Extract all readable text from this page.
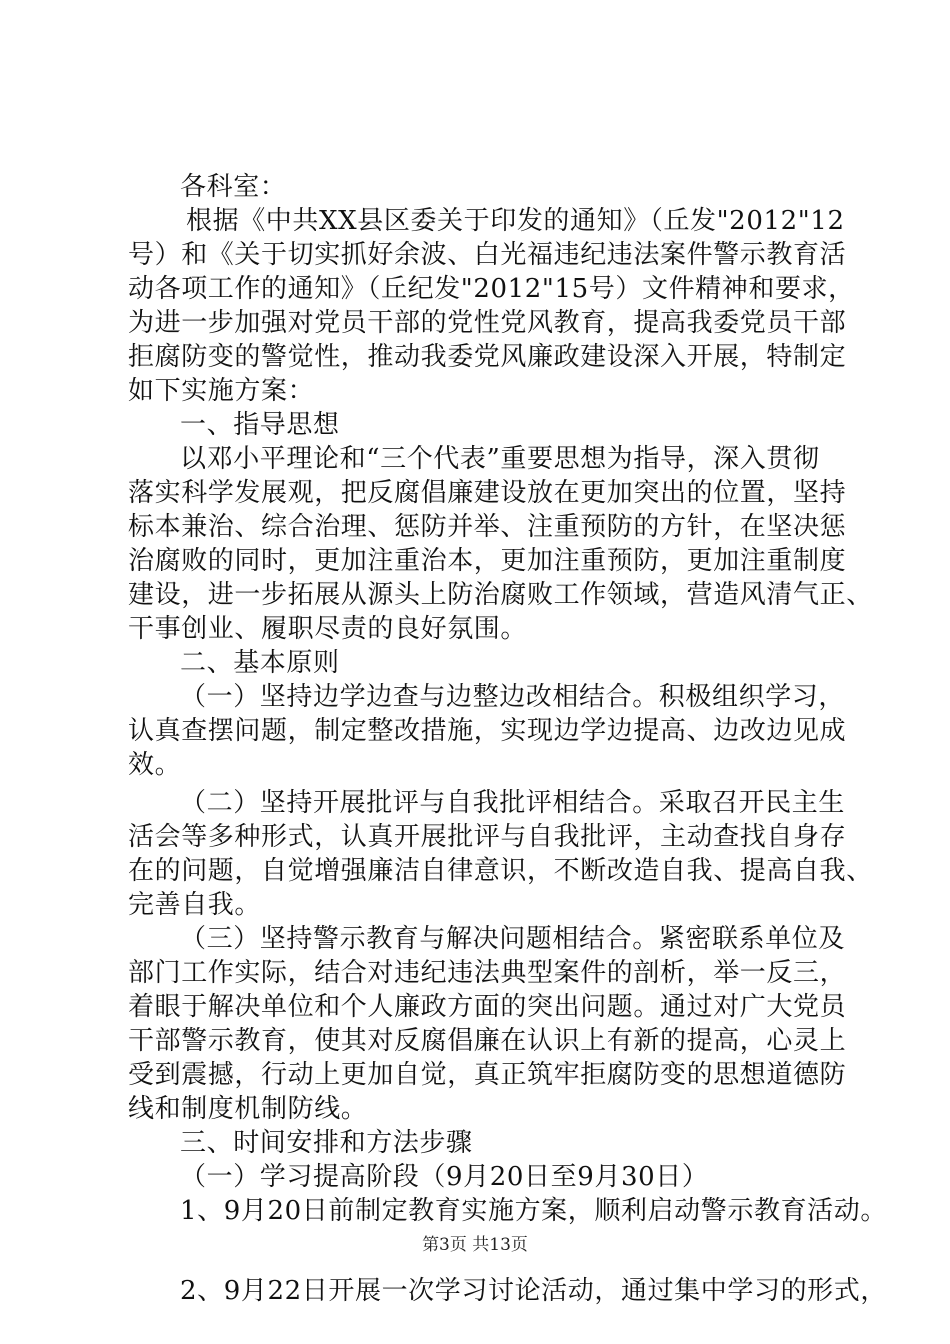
各科室：
根据《中共XX县区委关于印发的通知》（丘发"2012"12
号）和《关于切实抓好余波、白光福违纪违法案件警示教育活
动各项工作的通知》（丘纪发"2012"15号）文件精神和要求，
为进一步加强对党员干部的党性党风教育，提高我委党员干部
拒腐防变的警觉性，推动我委党风廉政建设深入开展，特制定
如下实施方案：
一、指导思想
以邓小平理论和“三个代表”重要思想为指导，深入贯彻
落实科学发展观，把反腐倡廉建设放在更加突出的位置，坚持
标本兼治、综合治理、惩防并举、注重预防的方针，在坚决惩
治腐败的同时，更加注重治本，更加注重预防，更加注重制度
建设，进一步拓展从源头上防治腐败工作领域，营造风清气正、
干事创业、履职尽责的良好氛围。
二、基本原则
（一）坚持边学边查与边整边改相结合。积极组织学习，
认真查摆问题，制定整改措施，实现边学边提高、边改边见成
效。
（二）坚持开展批评与自我批评相结合。采取召开民主生
活会等多种形式，认真开展批评与自我批评，主动查找自身存
在的问题，自觉增强廉洁自律意识，不断改造自我、提高自我、
完善自我。
（三）坚持警示教育与解决问题相结合。紧密联系单位及
部门工作实际，结合对违纪违法典型案件的剖析，举一反三，
着眼于解决单位和个人廉政方面的突出问题。通过对广大党员
干部警示教育，使其对反腐倡廉在认识上有新的提高，心灵上
受到震撼，行动上更加自觉，真正筑牢拒腐防变的思想道德防
线和制度机制防线。
三、时间安排和方法步骤
（一）学习提高阶段（9月20日至9月30日）
1、9月20日前制定教育实施方案，顺利启动警示教育活动。
2、9月22日开展一次学习讨论活动，通过集中学习的形式，
第3页 共13页
